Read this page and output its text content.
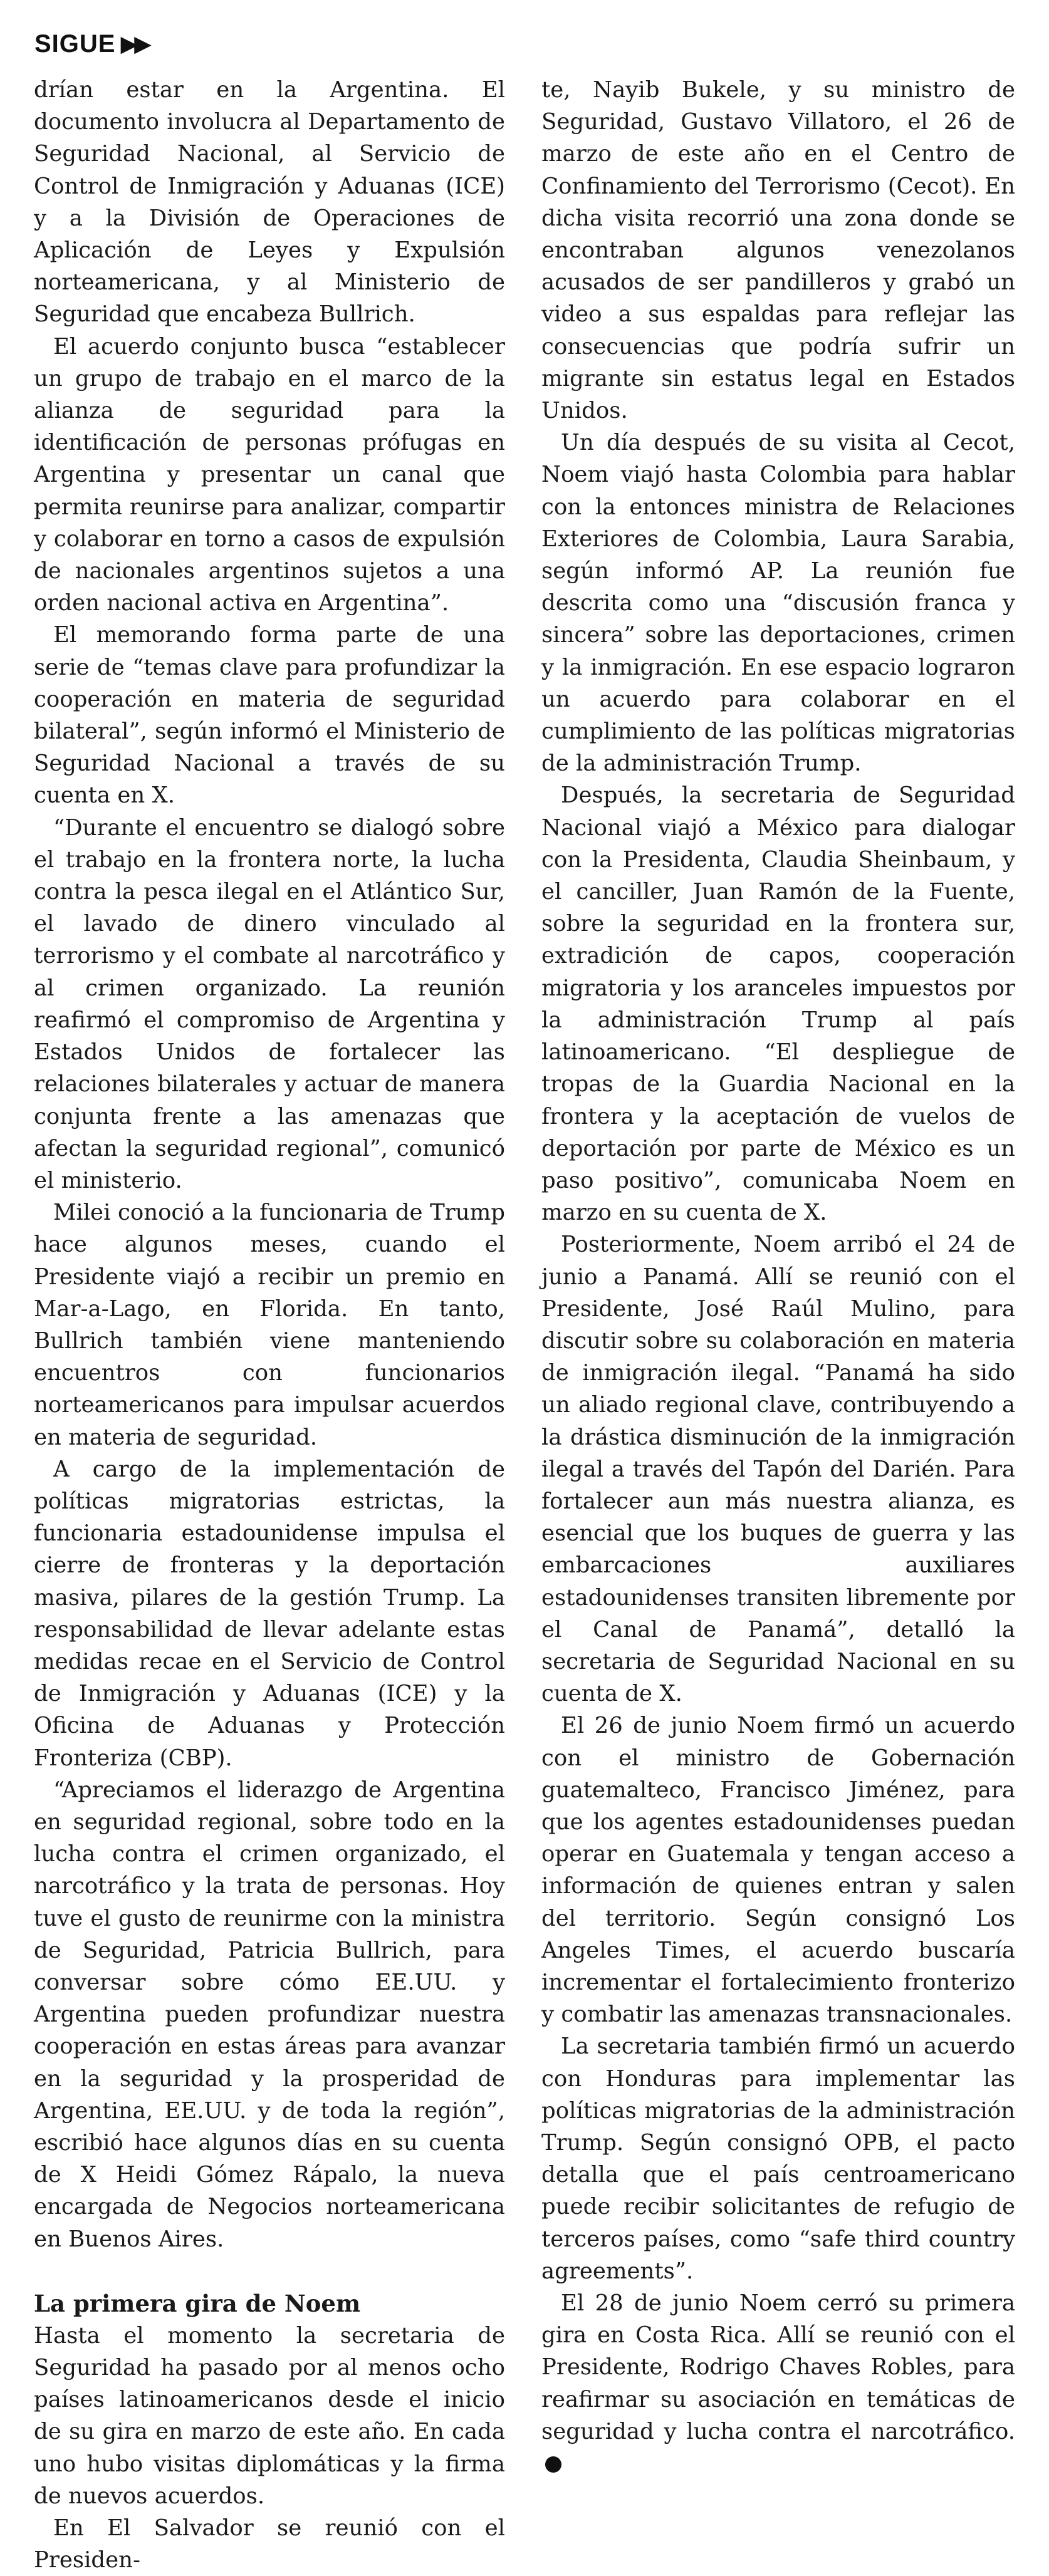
SIGUE ▶▶

drían estar en la Argentina. El documento involucra al Departamento de Seguridad Nacional, al Servicio de Control de Inmigración y Aduanas (ICE) y a la División de Operaciones de Aplicación de Leyes y Expulsión norteamericana, y al Ministerio de Seguridad que encabeza Bullrich.

El acuerdo conjunto busca “establecer un grupo de trabajo en el marco de la alianza de seguridad para la identificación de personas prófugas en Argentina y presentar un canal que permita reunirse para analizar, compartir y colaborar en torno a casos de expulsión de nacionales argentinos sujetos a una orden nacional activa en Argentina”.

El memorando forma parte de una serie de “temas clave para profundizar la cooperación en materia de seguridad bilateral”, según informó el Ministerio de Seguridad Nacional a través de su cuenta en X.

“Durante el encuentro se dialogó sobre el trabajo en la frontera norte, la lucha contra la pesca ilegal en el Atlántico Sur, el lavado de dinero vinculado al terrorismo y el combate al narcotráfico y al crimen organizado. La reunión reafirmó el compromiso de Argentina y Estados Unidos de fortalecer las relaciones bilaterales y actuar de manera conjunta frente a las amenazas que afectan la seguridad regional”, comunicó el ministerio.

Milei conoció a la funcionaria de Trump hace algunos meses, cuando el Presidente viajó a recibir un premio en Mar-a-Lago, en Florida. En tanto, Bullrich también viene manteniendo encuentros con funcionarios norteamericanos para impulsar acuerdos en materia de seguridad.

A cargo de la implementación de políticas migratorias estrictas, la funcionaria estadounidense impulsa el cierre de fronteras y la deportación masiva, pilares de la gestión Trump. La responsabilidad de llevar adelante estas medidas recae en el Servicio de Control de Inmigración y Aduanas (ICE) y la Oficina de Aduanas y Protección Fronteriza (CBP).

“Apreciamos el liderazgo de Argentina en seguridad regional, sobre todo en la lucha contra el crimen organizado, el narcotráfico y la trata de personas. Hoy tuve el gusto de reunirme con la ministra de Seguridad, Patricia Bullrich, para conversar sobre cómo EE.UU. y Argentina pueden profundizar nuestra cooperación en estas áreas para avanzar en la seguridad y la prosperidad de Argentina, EE.UU. y de toda la región”, escribió hace algunos días en su cuenta de X Heidi Gómez Rápalo, la nueva encargada de Negocios norteamericana en Buenos Aires.

La primera gira de Noem

Hasta el momento la secretaria de Seguridad ha pasado por al menos ocho países latinoamericanos desde el inicio de su gira en marzo de este año. En cada uno hubo visitas diplomáticas y la firma de nuevos acuerdos.

En El Salvador se reunió con el Presiden-

te, Nayib Bukele, y su ministro de Seguridad, Gustavo Villatoro, el 26 de marzo de este año en el Centro de Confinamiento del Terrorismo (Cecot). En dicha visita recorrió una zona donde se encontraban algunos venezolanos acusados de ser pandilleros y grabó un video a sus espaldas para reflejar las consecuencias que podría sufrir un migrante sin estatus legal en Estados Unidos.

Un día después de su visita al Cecot, Noem viajó hasta Colombia para hablar con la entonces ministra de Relaciones Exteriores de Colombia, Laura Sarabia, según informó AP. La reunión fue descrita como una “discusión franca y sincera” sobre las deportaciones, crimen y la inmigración. En ese espacio lograron un acuerdo para colaborar en el cumplimiento de las políticas migratorias de la administración Trump.

Después, la secretaria de Seguridad Nacional viajó a México para dialogar con la Presidenta, Claudia Sheinbaum, y el canciller, Juan Ramón de la Fuente, sobre la seguridad en la frontera sur, extradición de capos, cooperación migratoria y los aranceles impuestos por la administración Trump al país latinoamericano. “El despliegue de tropas de la Guardia Nacional en la frontera y la aceptación de vuelos de deportación por parte de México es un paso positivo”, comunicaba Noem en marzo en su cuenta de X.

Posteriormente, Noem arribó el 24 de junio a Panamá. Allí se reunió con el Presidente, José Raúl Mulino, para discutir sobre su colaboración en materia de inmigración ilegal. “Panamá ha sido un aliado regional clave, contribuyendo a la drástica disminución de la inmigración ilegal a través del Tapón del Darién. Para fortalecer aun más nuestra alianza, es esencial que los buques de guerra y las embarcaciones auxiliares estadounidenses transiten libremente por el Canal de Panamá”, detalló la secretaria de Seguridad Nacional en su cuenta de X.

El 26 de junio Noem firmó un acuerdo con el ministro de Gobernación guatemalteco, Francisco Jiménez, para que los agentes estadounidenses puedan operar en Guatemala y tengan acceso a información de quienes entran y salen del territorio. Según consignó Los Angeles Times, el acuerdo buscaría incrementar el fortalecimiento fronterizo y combatir las amenazas transnacionales.

La secretaria también firmó un acuerdo con Honduras para implementar las políticas migratorias de la administración Trump. Según consignó OPB, el pacto detalla que el país centroamericano puede recibir solicitantes de refugio de terceros países, como “safe third country agreements”.

El 28 de junio Noem cerró su primera gira en Costa Rica. Allí se reunió con el Presidente, Rodrigo Chaves Robles, para reafirmar su asociación en temáticas de seguridad y lucha contra el narcotráfico.
